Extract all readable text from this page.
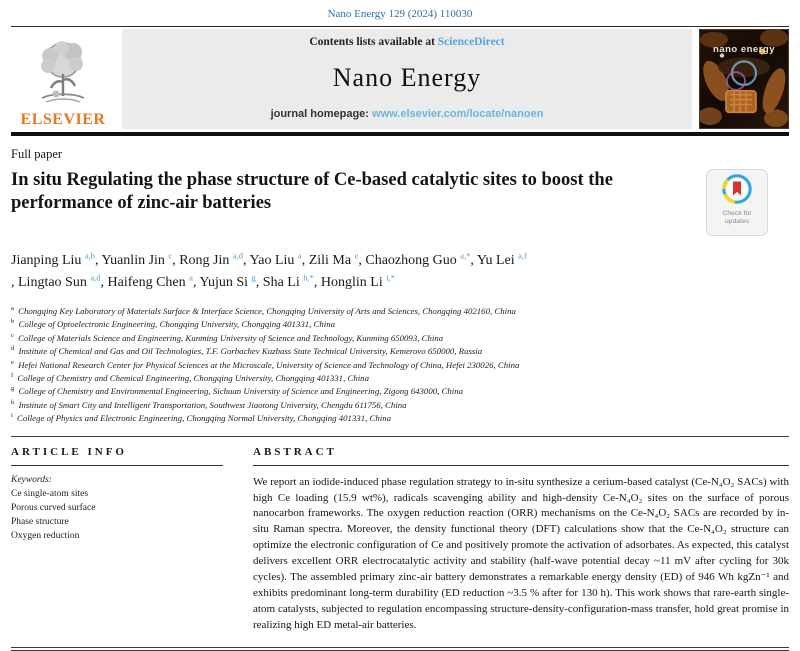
Nano Energy 129 (2024) 110030
ELSEVIER
Contents lists available at ScienceDirect
Nano Energy
journal homepage: www.elsevier.com/locate/nanoen
nano energy
Full paper
In situ Regulating the phase structure of Ce-based catalytic sites to boost the performance of zinc-air batteries
Check for updates
Jianping Liu $^{a,b}$, Yuanlin Jin $^c$, Rong Jin $^{a,d}$, Yao Liu $^a$, Zili Ma $^e$, Chaozhong Guo $^{a,*}$, Yu Lei $^{a,f}$
, Lingtao Sun $^{a,d}$, Haifeng Chen $^a$, Yujun Si $^g$, Sha Li $^{h,*}$, Honglin Li $^{i,*}$
$^a$ Chongqing Key Laboratory of Materials Surface & Interface Science, Chongqing University of Arts and Sciences, Chongqing 402160, China
$^b$ College of Optoelectronic Engineering, Chongqing University, Chongqing 401331, China
$^c$ College of Materials Science and Engineering, Kunming University of Science and Technology, Kunming 650093, China
$^d$ Institute of Chemical and Gas and Oil Technologies, T.F. Gorbachev Kuzbass State Technical University, Kemerovo 650000, Russia
$^e$ Hefei National Research Center for Physical Sciences at the Microscale, University of Science and Technology of China, Hefei 230026, China
$^f$ College of Chemistry and Chemical Engineering, Chongqing University, Chongqing 401331, China
$^g$ College of Chemistry and Environmental Engineering, Sichuan University of Science and Engineering, Zigong 643000, China
$^h$ Institute of Smart City and Intelligent Transportation, Southwest Jiaotong University, Chengdu 611756, China
$^i$ College of Physics and Electronic Engineering, Chongqing Normal University, Chongqing 401331, China
ARTICLE INFO
Keywords:
Ce single-atom sites
Porous curved surface
Phase structure
Oxygen reduction
ABSTRACT

We report an iodide-induced phase regulation strategy to in-situ synthesize a cerium-based catalyst (Ce-N₄O₂ SACs) with high Ce loading (15.9 wt%), radicals scavenging ability and high-density Ce-N₄O₂ sites on the surface of porous nanocarbon frameworks. The oxygen reduction reaction (ORR) mechanisms on the Ce-N₄O₂ SACs are recorded by in-situ Raman spectra. Moreover, the density functional theory (DFT) calculations show that the Ce-N₄O₂ structure can optimize the electronic configuration of Ce and positively promote the activation of adsorbates. As expected, this catalyst delivers excellent ORR electrocatalytic activity and stability (half-wave potential decay ~11 mV after cycling for 30k cycles). The assembled primary zinc-air battery demonstrates a remarkable energy density (ED) of 946 Wh kgZn⁻¹ and exhibits predominant long-term durability (ED reduction ~3.5 % after for 130 h). This work shows that rare-earth single-atom catalysts, subjected to regulation encompassing structure-density-configuration-mass transfer, hold great promise in realizing high ED metal-air batteries.
